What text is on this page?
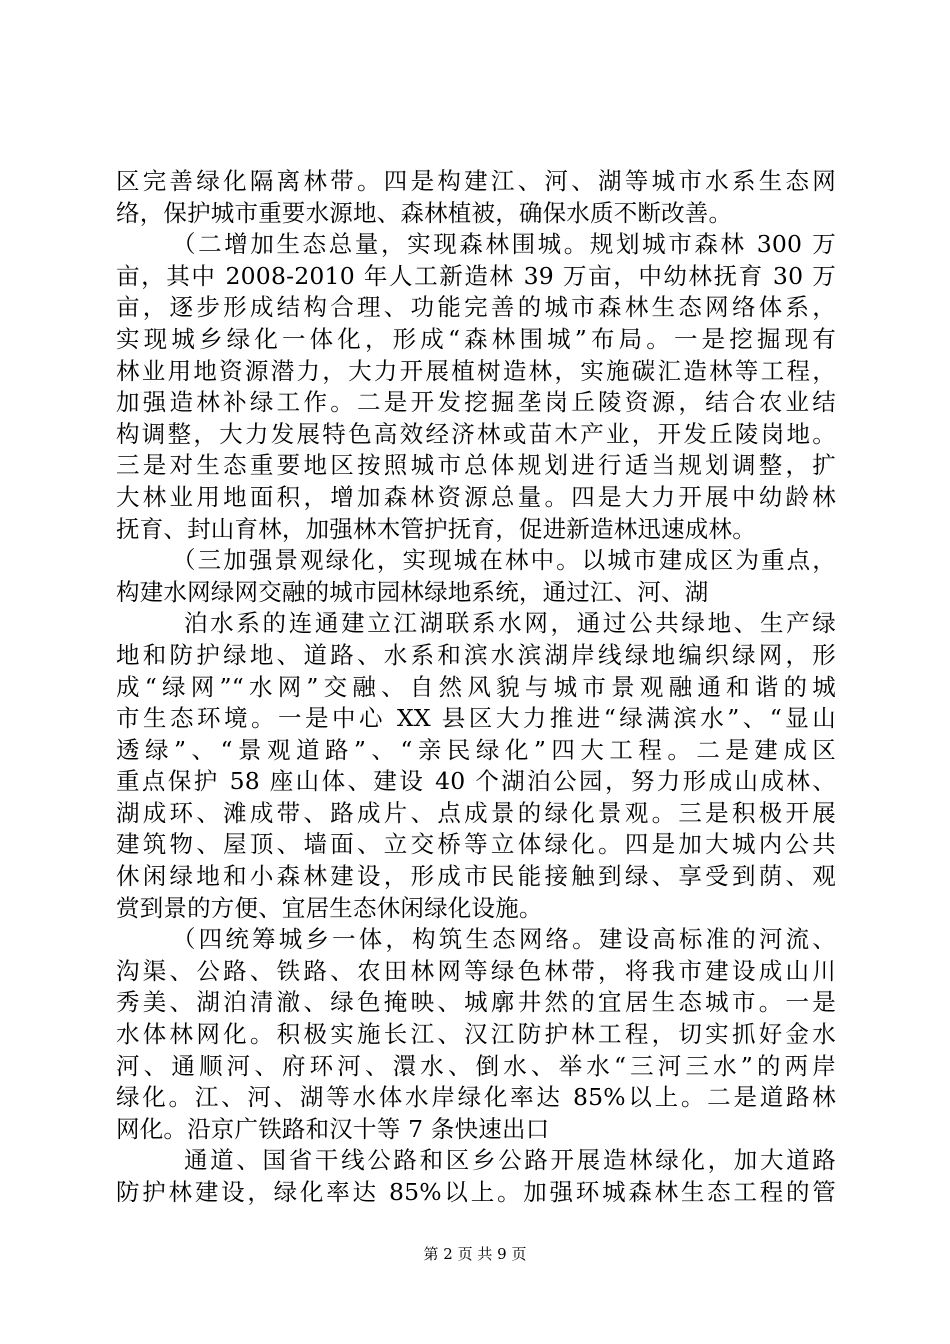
区完善绿化隔离林带。四是构建江、河、湖等城市水系生态网
络，保护城市重要水源地、森林植被，确保水质不断改善。
（二增加生态总量，实现森林围城。规划城市森林 300 万
亩，其中 2008-2010 年人工新造林 39 万亩，中幼林抚育 30 万
亩，逐步形成结构合理、功能完善的城市森林生态网络体系，
实现城乡绿化一体化，形成“森林围城”布局。一是挖掘现有
林业用地资源潜力，大力开展植树造林，实施碳汇造林等工程，
加强造林补绿工作。二是开发挖掘垄岗丘陵资源，结合农业结
构调整，大力发展特色高效经济林或苗木产业，开发丘陵岗地。
三是对生态重要地区按照城市总体规划进行适当规划调整，扩
大林业用地面积，增加森林资源总量。四是大力开展中幼龄林
抚育、封山育林，加强林木管护抚育，促进新造林迅速成林。
（三加强景观绿化，实现城在林中。以城市建成区为重点，
构建水网绿网交融的城市园林绿地系统，通过江、河、湖
泊水系的连通建立江湖联系水网，通过公共绿地、生产绿
地和防护绿地、道路、水系和滨水滨湖岸线绿地编织绿网，形
成“绿网”“水网”交融、自然风貌与城市景观融通和谐的城
市生态环境。一是中心 XX 县区大力推进“绿满滨水”、“显山
透绿”、“景观道路”、“亲民绿化”四大工程。二是建成区
重点保护 58 座山体、建设 40 个湖泊公园，努力形成山成林、
湖成环、滩成带、路成片、点成景的绿化景观。三是积极开展
建筑物、屋顶、墙面、立交桥等立体绿化。四是加大城内公共
休闲绿地和小森林建设，形成市民能接触到绿、享受到荫、观
赏到景的方便、宜居生态休闲绿化设施。
（四统筹城乡一体，构筑生态网络。建设高标准的河流、
沟渠、公路、铁路、农田林网等绿色林带，将我市建设成山川
秀美、湖泊清澈、绿色掩映、城廓井然的宜居生态城市。一是
水体林网化。积极实施长江、汉江防护林工程，切实抓好金水
河、通顺河、府环河、澴水、倒水、举水“三河三水”的两岸
绿化。江、河、湖等水体水岸绿化率达 85%以上。二是道路林
网化。沿京广铁路和汉十等 7 条快速出口
通道、国省干线公路和区乡公路开展造林绿化，加大道路
防护林建设，绿化率达 85%以上。加强环城森林生态工程的管
第 2 页 共 9 页
